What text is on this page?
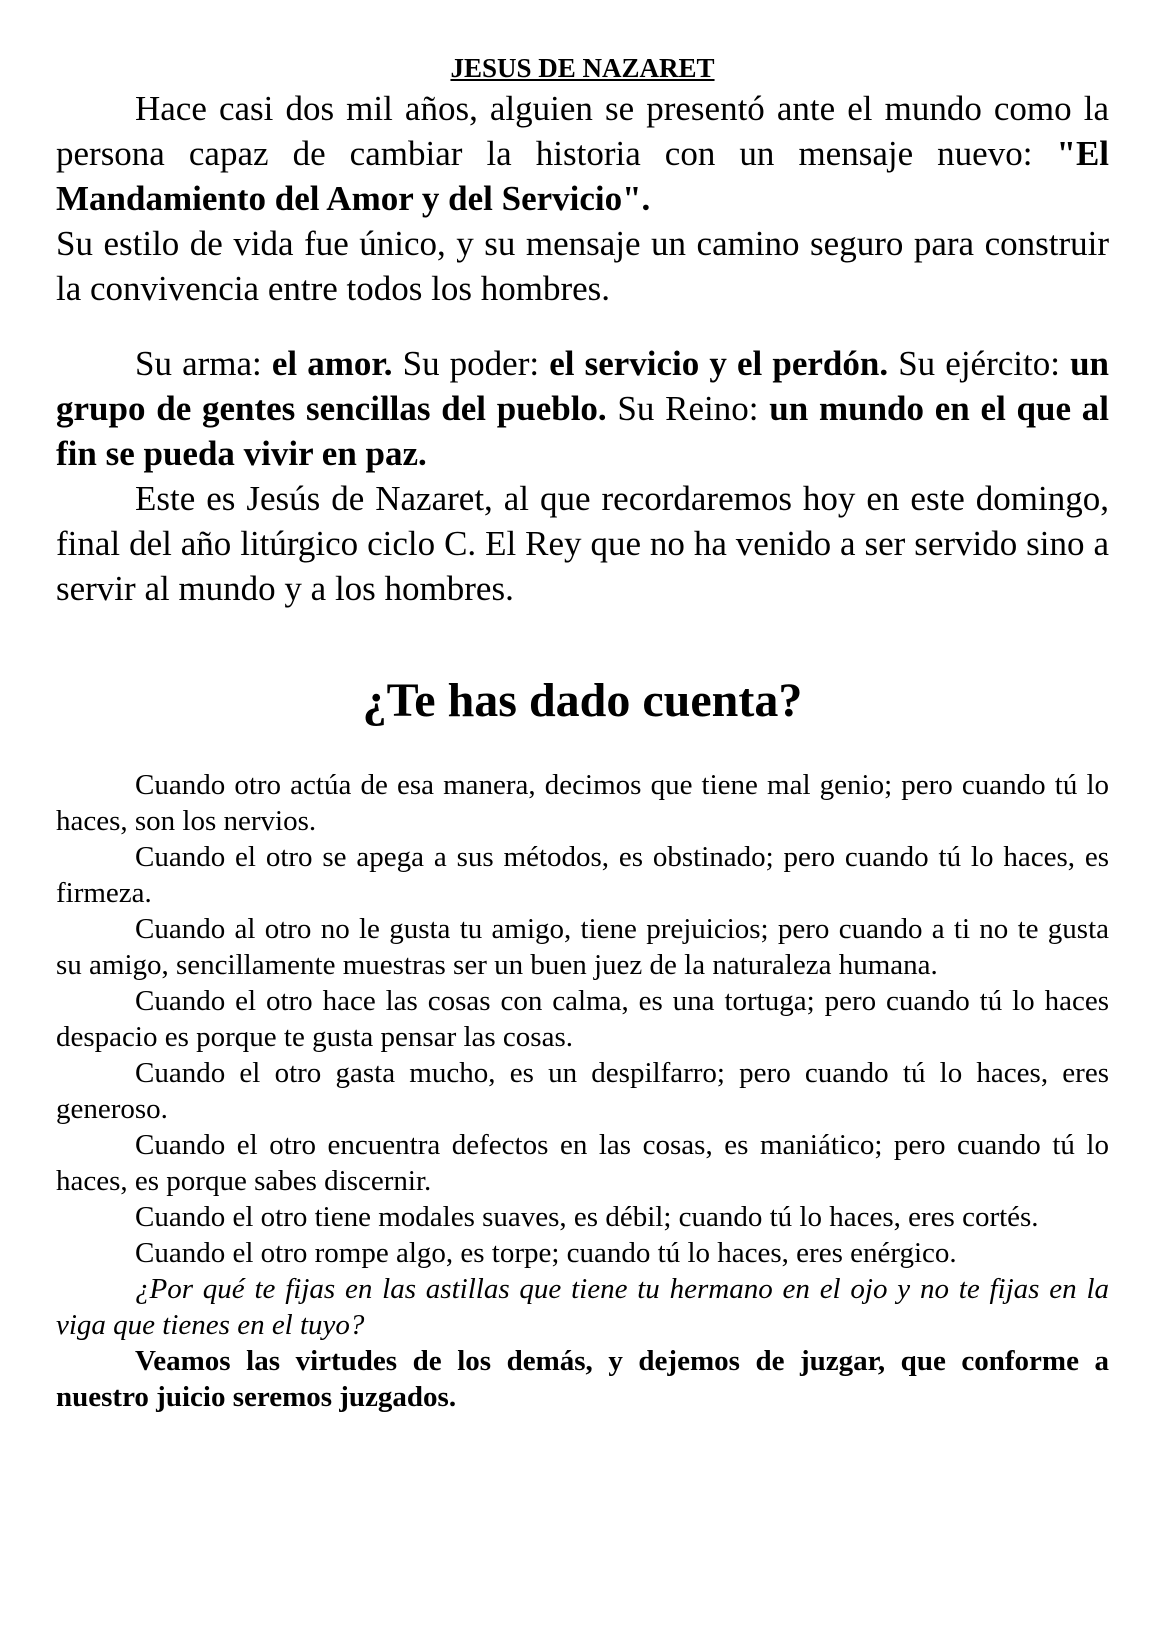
JESUS DE NAZARET

Hace casi dos mil años, alguien se presentó ante el mundo como la persona capaz de cambiar la historia con un mensaje nuevo: "El Mandamiento del Amor y del Servicio".

Su estilo de vida fue único, y su mensaje un camino seguro para construir la convivencia entre todos los hombres.

Su arma: el amor. Su poder: el servicio y el perdón. Su ejército: un grupo de gentes sencillas del pueblo. Su Reino: un mundo en el que al fin se pueda vivir en paz.

Este es Jesús de Nazaret, al que recordaremos hoy en este domingo, final del año litúrgico ciclo C. El Rey que no ha venido a ser servido sino a servir al mundo y a los hombres.

¿Te has dado cuenta?

Cuando otro actúa de esa manera, decimos que tiene mal genio; pero cuando tú lo haces, son los nervios.

Cuando el otro se apega a sus métodos, es obstinado; pero cuando tú lo haces, es firmeza.

Cuando al otro no le gusta tu amigo, tiene prejuicios; pero cuando a ti no te gusta su amigo, sencillamente muestras ser un buen juez de la naturaleza humana.

Cuando el otro hace las cosas con calma, es una tortuga; pero cuando tú lo haces despacio es porque te gusta pensar las cosas.

Cuando el otro gasta mucho, es un despilfarro; pero cuando tú lo haces, eres generoso.

Cuando el otro encuentra defectos en las cosas, es maniático; pero cuando tú lo haces, es porque sabes discernir.

Cuando el otro tiene modales suaves, es débil; cuando tú lo haces, eres cortés.

Cuando el otro rompe algo, es torpe; cuando tú lo haces, eres enérgico.

¿Por qué te fijas en las astillas que tiene tu hermano en el ojo y no te fijas en la viga que tienes en el tuyo?

Veamos las virtudes de los demás, y dejemos de juzgar, que conforme a nuestro juicio seremos juzgados.
